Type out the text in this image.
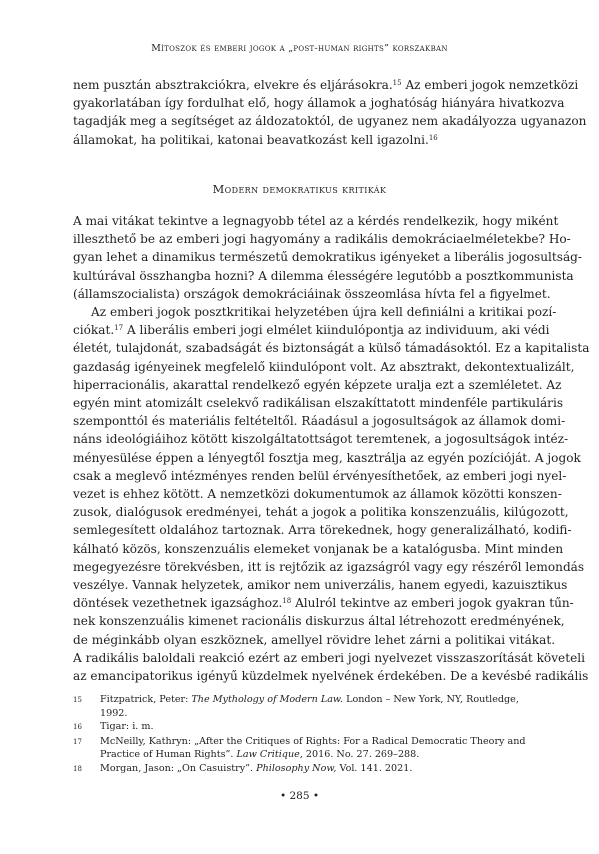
Mítoszok és emberi jogok a „post-human rights” korszakban
nem pusztán absztrakciókra, elvekre és eljárásokra.$^{15}$ Az emberi jogok nemzetközi
gyakorlatában így fordulhat elő, hogy államok a joghatóság hiányára hivatkozva
tagadják meg a segítséget az áldozatoktól, de ugyanez nem akadályozza ugyanazon
államokat, ha politikai, katonai beavatkozást kell igazolni.$^{16}$
Modern demokratikus kritikák
A mai vitákat tekintve a legnagyobb tétel az a kérdés rendelkezik, hogy miként
illeszthető be az emberi jogi hagyomány a radikális demokráciaelméletekbe? Ho-
gyan lehet a dinamikus természetű demokratikus igényeket a liberális jogosultság-
kultúrával összhangba hozni? A dilemma élességére legutóbb a posztkommunista
(államszocialista) országok demokráciáinak összeomlása hívta fel a figyelmet.
Az emberi jogok posztkritikai helyzetében újra kell definiálni a kritikai pozí-
ciókat.$^{17}$ A liberális emberi jogi elmélet kiindulópontja az individuum, aki védi
életét, tulajdonát, szabadságát és biztonságát a külső támadásoktól. Ez a kapitalista
gazdaság igényeinek megfelelő kiindulópont volt. Az absztrakt, dekontextualizált,
hiperracionális, akarattal rendelkező egyén képzete uralja ezt a szemléletet. Az
egyén mint atomizált cselekvő radikálisan elszakíttatott mindenféle partikuláris
szemponttól és materiális feltételtől. Ráadásul a jogosultságok az államok domi-
náns ideológiáihoz kötött kiszolgáltatottságot teremtenek, a jogosultságok intéz-
ményesülése éppen a lényegtől fosztja meg, kasztrálja az egyén pozícióját. A jogok
csak a meglevő intézményes renden belül érvényesíthetőek, az emberi jogi nyel-
vezet is ehhez kötött. A nemzetközi dokumentumok az államok közötti konszen-
zusok, dialógusok eredményei, tehát a jogok a politika konszenzuális, kilúgozott,
semlegesített oldalához tartoznak. Arra törekednek, hogy generalizálható, kodifi-
kálható közös, konszenzuális elemeket vonjanak be a katalógusba. Mint minden
megegyezésre törekvésben, itt is rejtőzik az igazságról vagy egy részéről lemondás
veszélye. Vannak helyzetek, amikor nem univerzális, hanem egyedi, kazuisztikus
döntések vezethetnek igazsághoz.$^{18}$ Alulról tekintve az emberi jogok gyakran tűn-
nek konszenzuális kimenet racionális diskurzus által létrehozott eredményének,
de méginkább olyan eszköznek, amellyel rövidre lehet zárni a politikai vitákat.
A radikális baloldali reakció ezért az emberi jogi nyelvezet visszaszorítását követeli
az emancipatorikus igényű küzdelmek nyelvének érdekében. De a kevésbé radikális
15	Fitzpatrick, Peter: The Mythology of Modern Law. London – New York, NY, Routledge, 1992.
16	Tigar: i. m.
17	McNeilly, Kathryn: „After the Critiques of Rights: For a Radical Democratic Theory and Practice of Human Rights”. Law Critique, 2016. No. 27. 269–288.
18	Morgan, Jason: „On Casuistry”. Philosophy Now, Vol. 141. 2021.
• 285 •
